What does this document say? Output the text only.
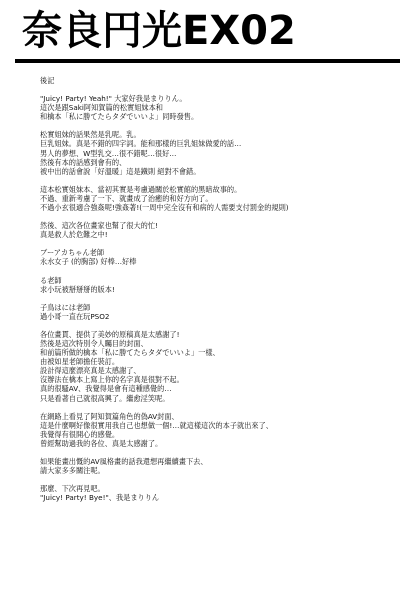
奈良円光EX02

後記

"Juicy! Party! Yeah!" 大家好我是まりりん。
這次是跟Saki阿知賀篇的松實姐妹本和
和檎本「私に勝てたらタダでいいよ」同時發售。

松實姐妹的話果然是乳呢。乳。
巨乳姐妹。真是不錯的四字詞。能和那樣的巨乳姐妹做愛的話…
男人的夢想、W型乳交…很不錯呢…很好…
然後有本的話感到會有的、
被中出的話會說「好溫暖」這是鐵則 絕對不會錯。

這本松實姐妹本、當初其實是考慮過關於松實館的黑暗故事的。
不過、重新考慮了一下、就畫成了治癒的和好方向了。
不過小玄很適合強姦呢!強姦著!(一周中完全沒有和病的人需要支付罰金的規則)

然後、這次各位畫家也幫了很大的忙!
真是救人於危難之中!

ブーアカちゃん老師
永水女子 (的胸部) 好棒…好棒

る老師
求小玩被掰掰掰的版本!

子鳥はには老師
過小哥一直在玩PSO2

各位畫貫、提供了美妙的原稿真是太感謝了!
然後是這次特別令人矚目的封面、
和前篇所做的檎本「私に勝てたらタダでいいよ」一樣、
由被如星老師擔任裝訂。
設計得這麼漂亮真是太感謝了、
沒辦法在檎本上寫上你的名字真是很對不起。
真的很騷AV、我覺得是會有這種感覺的…
只是看著自己就很高興了。繼愈淫笑呢。

在網路上看見了阿知賀篇角色的偽AV封面、
這是什麼啊好像很實用我自己也想做一個!…就這樣這次的本子就出來了、
我覺得有很開心的感覺。
曾經幫助過我的各位、真是太感謝了。

如果能畫出慨的AV風格畫的話我還想再繼續畫下去、
請大家多多關注呢。

那麼、下次再見吧。
"Juicy! Party! Bye!"、我是まりりん
